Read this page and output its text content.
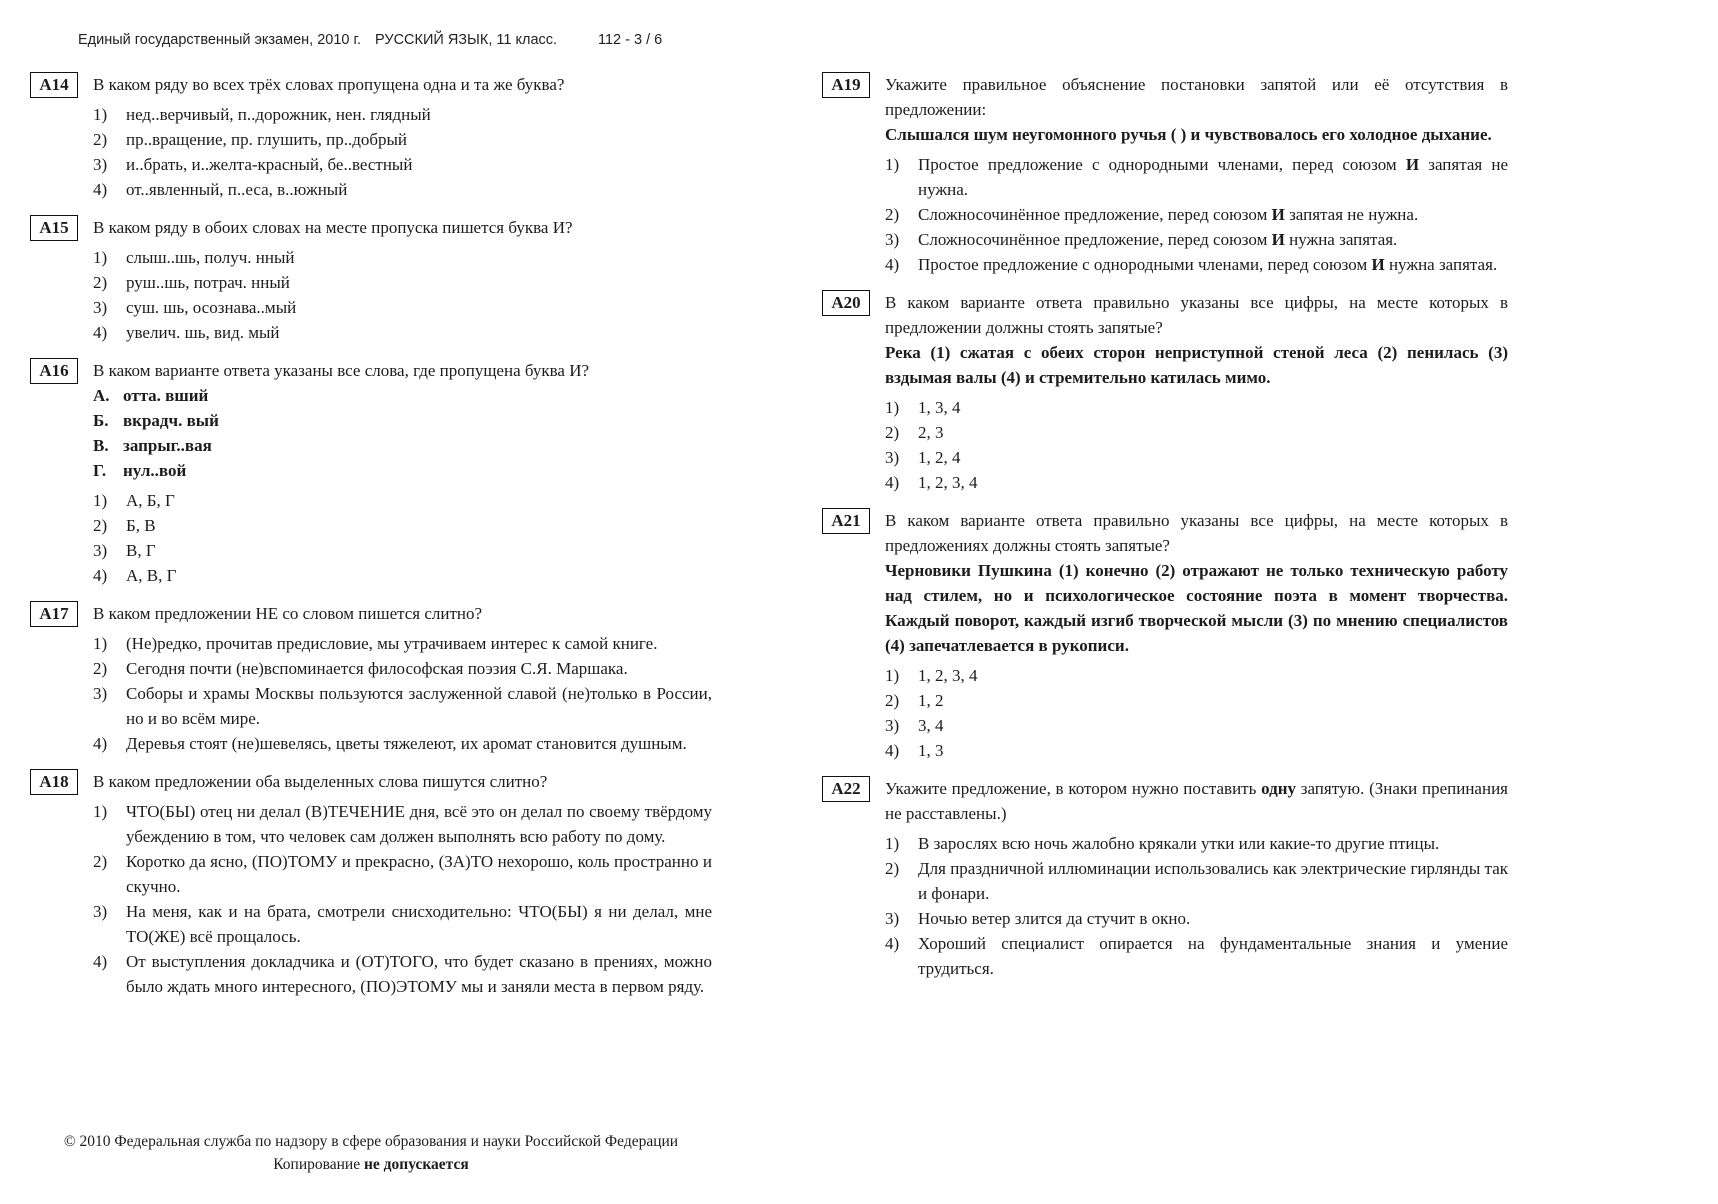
Единый государственный экзамен, 2010 г. РУССКИЙ ЯЗЫК, 11 класс.	112 - 3 / 6
A14	В каком ряду во всех трёх словах пропущена одна и та же буква?
1)	нед..верчивый, п..дорожник, нен. глядный
2)	пр..вращение, пр. глушить, пр..добрый
3)	и..брать, и..желта-красный, бе..вестный
4)	от..явленный, п..еса, в..южный
A15	В каком ряду в обоих словах на месте пропуска пишется буква И?
1)	слыш..шь, получ. нный
2)	руш..шь, потрач. нный
3)	суш. шь, осознава..мый
4)	увелич. шь, вид. мый
A16	В каком варианте ответа указаны все слова, где пропущена буква И?
А. отта. вший
Б. вкрадч. вый
В. запрыг..вая
Г. нул..вой
1)	А, Б, Г
2)	Б, В
3)	В, Г
4)	А, В, Г
A17	В каком предложении НЕ со словом пишется слитно?
1)	(Не)редко, прочитав предисловие, мы утрачиваем интерес к самой книге.
2)	Сегодня почти (не)вспоминается философская поэзия С.Я. Маршака.
3)	Соборы и храмы Москвы пользуются заслуженной славой (не)только в России, но и во всём мире.
4)	Деревья стоят (не)шевелясь, цветы тяжелеют, их аромат становится душным.
A18	В каком предложении оба выделенных слова пишутся слитно?
1)	ЧТО(БЫ) отец ни делал (В)ТЕЧЕНИЕ дня, всё это он делал по своему твёрдому убеждению в том, что человек сам должен выполнять всю работу по дому.
2)	Коротко да ясно, (ПО)ТОМУ и прекрасно, (ЗА)ТО нехорошо, коль пространно и скучно.
3)	На меня, как и на брата, смотрели снисходительно: ЧТО(БЫ) я ни делал, мне ТО(ЖЕ) всё прощалось.
4)	От выступления докладчика и (ОТ)ТОГО, что будет сказано в прениях, можно было ждать много интересного, (ПО)ЭТОМУ мы и заняли места в первом ряду.
A19	Укажите правильное объяснение постановки запятой или её отсутствия в предложении:
Слышался шум неугомонного ручья ( ) и чувствовалось его холодное дыхание.
1)	Простое предложение с однородными членами, перед союзом И запятая не нужна.
2)	Сложносочинённое предложение, перед союзом И запятая не нужна.
3)	Сложносочинённое предложение, перед союзом И нужна запятая.
4)	Простое предложение с однородными членами, перед союзом И нужна запятая.
A20	В каком варианте ответа правильно указаны все цифры, на месте которых в предложении должны стоять запятые?
Река (1) сжатая с обеих сторон неприступной стеной леса (2) пенилась (3) вздымая валы (4) и стремительно катилась мимо.
1)	1, 3, 4
2)	2, 3
3)	1, 2, 4
4)	1, 2, 3, 4
A21	В каком варианте ответа правильно указаны все цифры, на месте которых в предложениях должны стоять запятые?
Черновики Пушкина (1) конечно (2) отражают не только техническую работу над стилем, но и психологическое состояние поэта в момент творчества. Каждый поворот, каждый изгиб творческой мысли (3) по мнению специалистов (4) запечатлевается в рукописи.
1)	1, 2, 3, 4
2)	1, 2
3)	3, 4
4)	1, 3
A22	Укажите предложение, в котором нужно поставить одну запятую. (Знаки препинания не расставлены.)
1)	В зарослях всю ночь жалобно крякали утки или какие-то другие птицы.
2)	Для праздничной иллюминации использовались как электрические гирлянды так и фонари.
3)	Ночью ветер злится да стучит в окно.
4)	Хороший специалист опирается на фундаментальные знания и умение трудиться.
© 2010 Федеральная служба по надзору в сфере образования и науки Российской Федерации
Копирование не допускается
